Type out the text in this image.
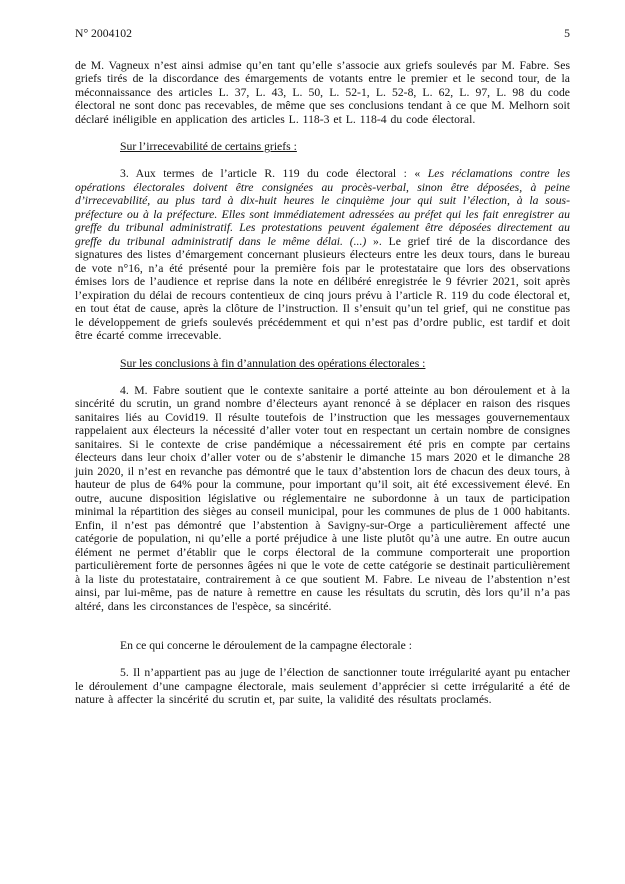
N° 2004102	5

de M. Vagneux n’est ainsi admise qu’en tant qu’elle s’associe aux griefs soulevés par M. Fabre. Ses griefs tirés de la discordance des émargements de votants entre le premier et le second tour, de la méconnaissance des articles L. 37, L. 43, L. 50, L. 52-1, L. 52-8, L. 62, L. 97, L. 98 du code électoral ne sont donc pas recevables, de même que ses conclusions tendant à ce que M. Melhorn soit déclaré inéligible en application des articles L. 118-3 et L. 118-4 du code électoral.

Sur l’irrecevabilité de certains griefs :

3. Aux termes de l’article R. 119 du code électoral : « Les réclamations contre les opérations électorales doivent être consignées au procès-verbal, sinon être déposées, à peine d’irrecevabilité, au plus tard à dix-huit heures le cinquième jour qui suit l’élection, à la sous-préfecture ou à la préfecture. Elles sont immédiatement adressées au préfet qui les fait enregistrer au greffe du tribunal administratif. Les protestations peuvent également être déposées directement au greffe du tribunal administratif dans le même délai. (...) ». Le grief tiré de la discordance des signatures des listes d’émargement concernant plusieurs électeurs entre les deux tours, dans le bureau de vote n°16, n’a été présenté pour la première fois par le protestataire que lors des observations émises lors de l’audience et reprise dans la note en délibéré enregistrée le 9 février 2021, soit après l’expiration du délai de recours contentieux de cinq jours prévu à l’article R. 119 du code électoral et, en tout état de cause, après la clôture de l’instruction. Il s’ensuit qu’un tel grief, qui ne constitue pas le développement de griefs soulevés précédemment et qui n’est pas d’ordre public, est tardif et doit être écarté comme irrecevable.

Sur les conclusions à fin d’annulation des opérations électorales :

4. M. Fabre soutient que le contexte sanitaire a porté atteinte au bon déroulement et à la sincérité du scrutin, un grand nombre d’électeurs ayant renoncé à se déplacer en raison des risques sanitaires liés au Covid19. Il résulte toutefois de l’instruction que les messages gouvernementaux rappelaient aux électeurs la nécessité d’aller voter tout en respectant un certain nombre de consignes sanitaires. Si le contexte de crise pandémique a nécessairement été pris en compte par certains électeurs dans leur choix d’aller voter ou de s’abstenir le dimanche 15 mars 2020 et le dimanche 28 juin 2020, il n’est en revanche pas démontré que le taux d’abstention lors de chacun des deux tours, à hauteur de plus de 64% pour la commune, pour important qu’il soit, ait été excessivement élevé. En outre, aucune disposition législative ou réglementaire ne subordonne à un taux de participation minimal la répartition des sièges au conseil municipal, pour les communes de plus de 1 000 habitants. Enfin, il n’est pas démontré que l’abstention à Savigny-sur-Orge a particulièrement affecté une catégorie de population, ni qu’elle a porté préjudice à une liste plutôt qu’à une autre. En outre aucun élément ne permet d’établir que le corps électoral de la commune comporterait une proportion particulièrement forte de personnes âgées ni que le vote de cette catégorie se destinait particulièrement à la liste du protestataire, contrairement à ce que soutient M. Fabre. Le niveau de l’abstention n’est ainsi, par lui-même, pas de nature à remettre en cause les résultats du scrutin, dès lors qu’il n’a pas altéré, dans les circonstances de l'espèce, sa sincérité.

En ce qui concerne le déroulement de la campagne électorale :

5. Il n’appartient pas au juge de l’élection de sanctionner toute irrégularité ayant pu entacher le déroulement d’une campagne électorale, mais seulement d’apprécier si cette irrégularité a été de nature à affecter la sincérité du scrutin et, par suite, la validité des résultats proclamés.
